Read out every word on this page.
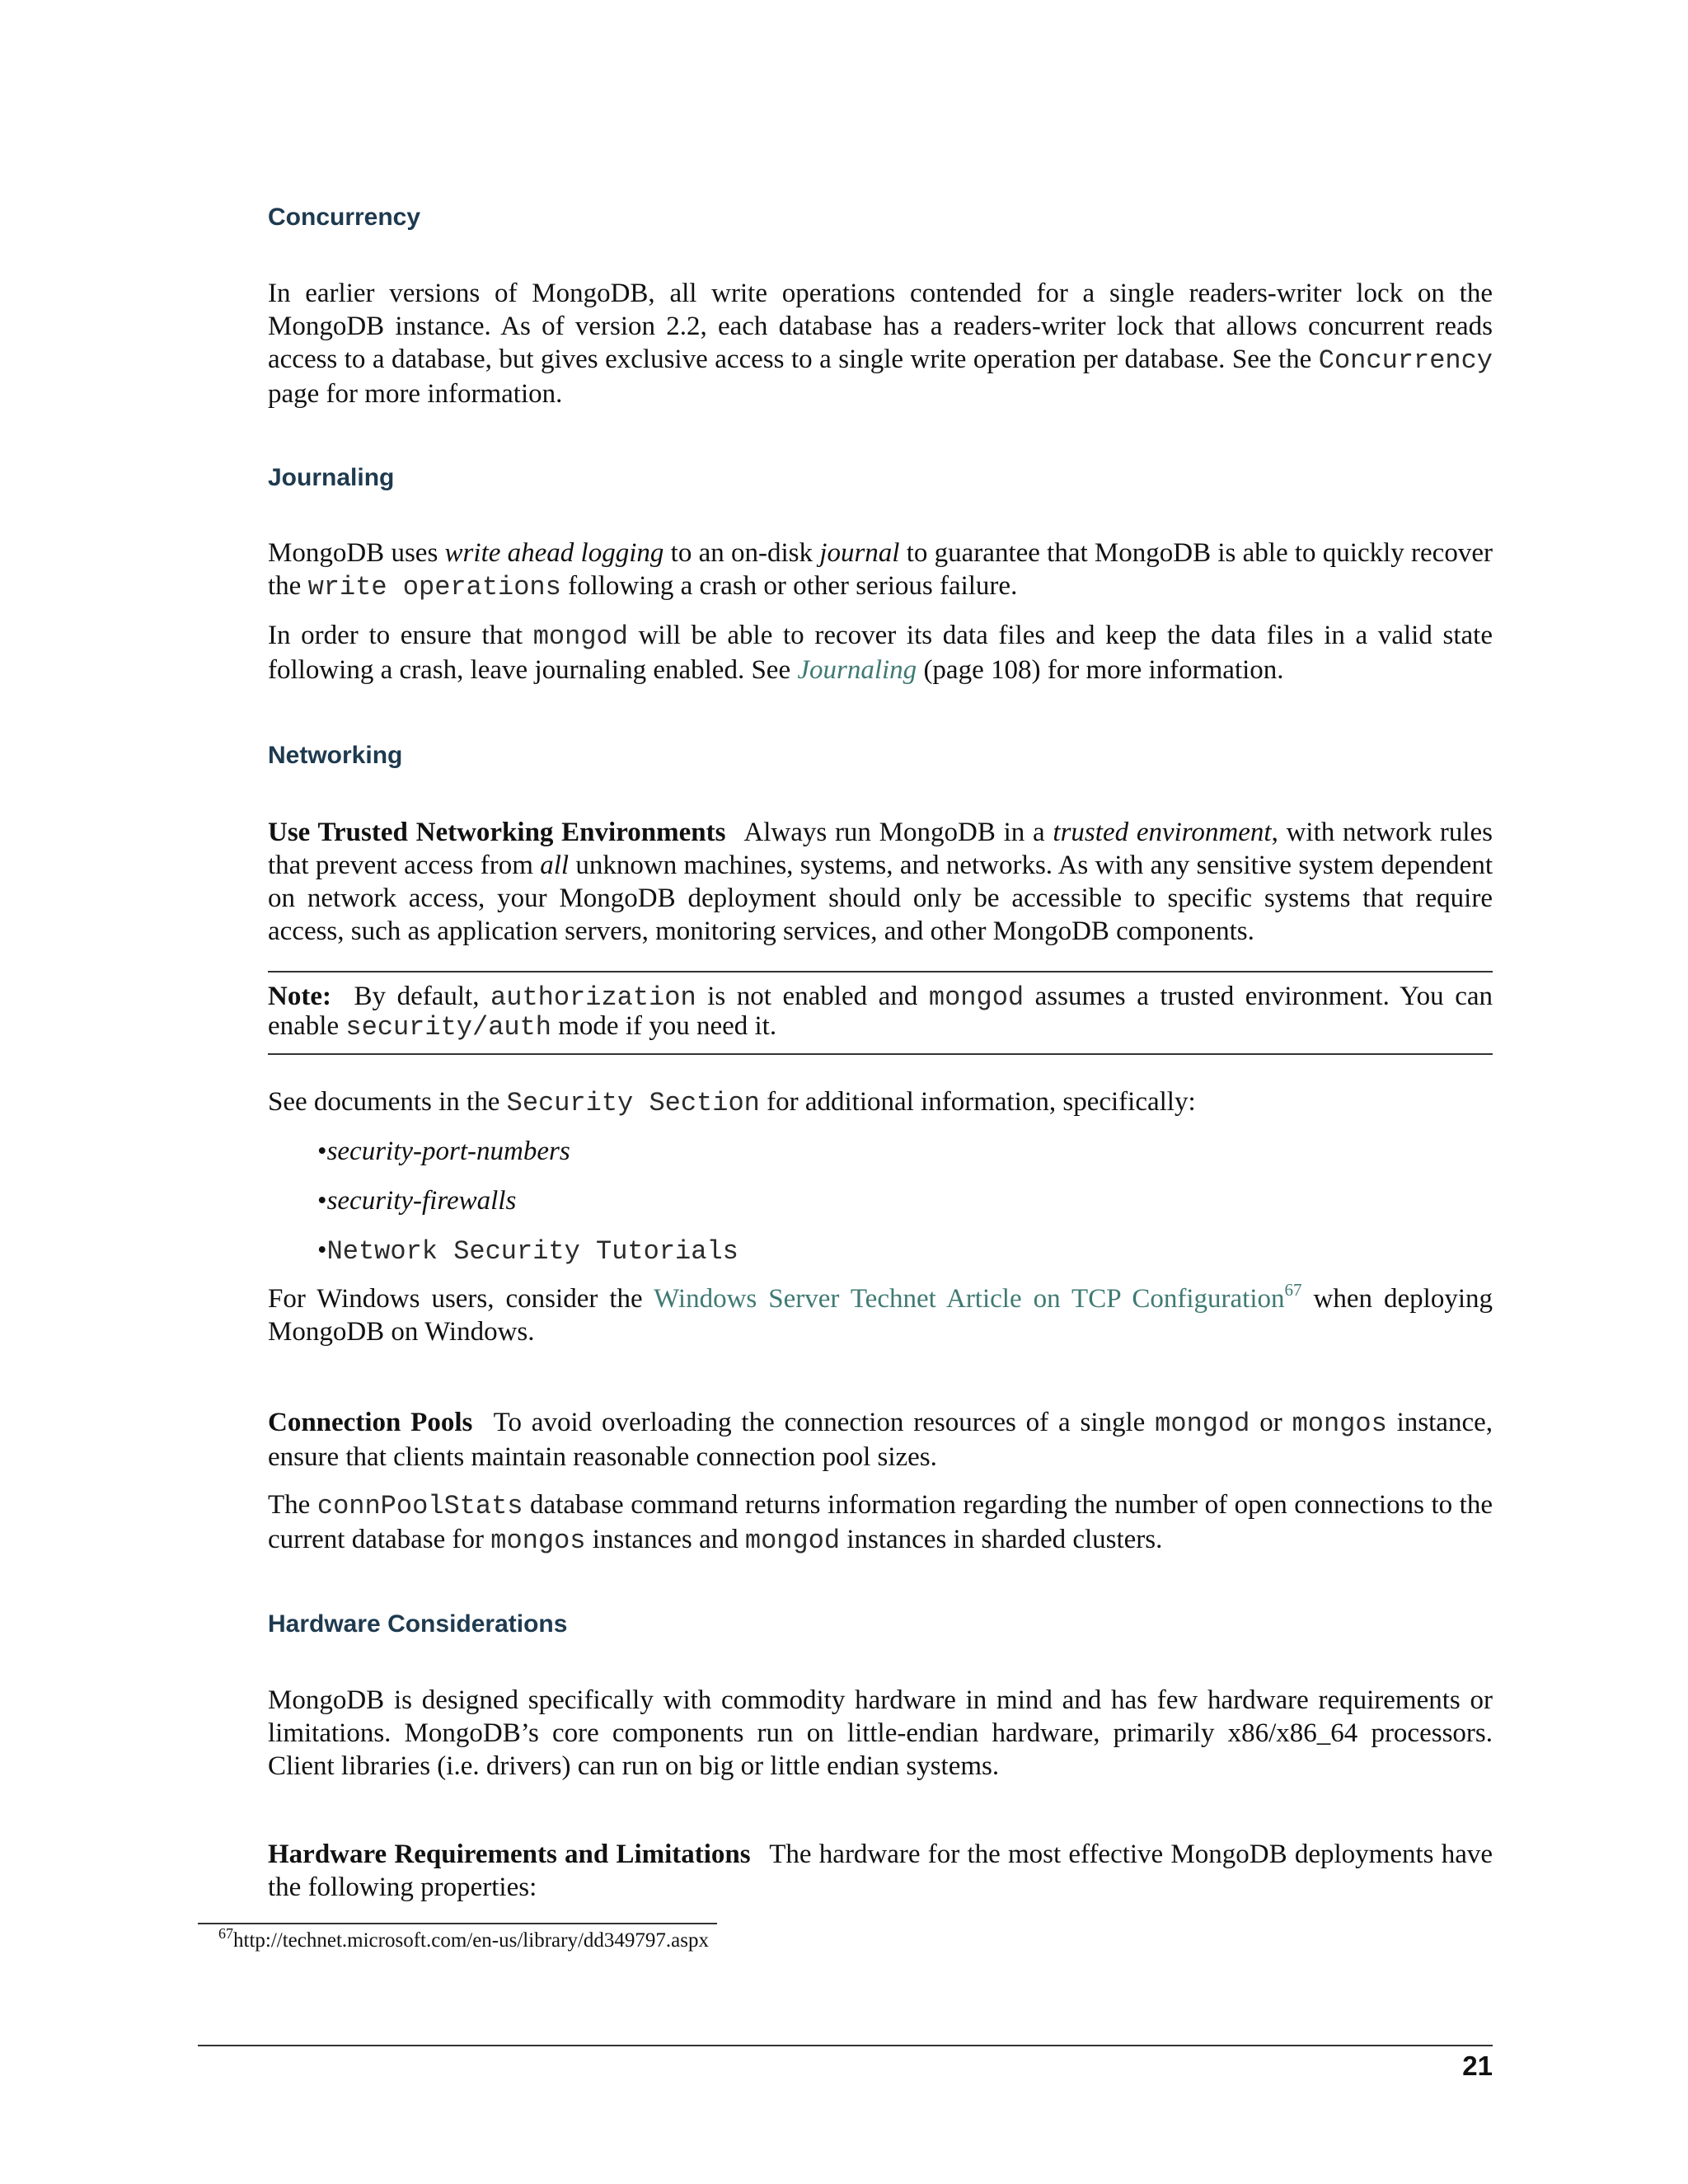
Concurrency

In earlier versions of MongoDB, all write operations contended for a single readers-writer lock on the MongoDB instance. As of version 2.2, each database has a readers-writer lock that allows concurrent reads access to a database, but gives exclusive access to a single write operation per database. See the Concurrency page for more information.

Journaling

MongoDB uses write ahead logging to an on-disk journal to guarantee that MongoDB is able to quickly recover the write operations following a crash or other serious failure.

In order to ensure that mongod will be able to recover its data files and keep the data files in a valid state following a crash, leave journaling enabled. See Journaling (page 108) for more information.

Networking

Use Trusted Networking Environments Always run MongoDB in a trusted environment, with network rules that prevent access from all unknown machines, systems, and networks. As with any sensitive system dependent on network access, your MongoDB deployment should only be accessible to specific systems that require access, such as application servers, monitoring services, and other MongoDB components.

Note: By default, authorization is not enabled and mongod assumes a trusted environment. You can enable security/auth mode if you need it.

See documents in the Security Section for additional information, specifically:

•security-port-numbers
•security-firewalls
•Network Security Tutorials

For Windows users, consider the Windows Server Technet Article on TCP Configuration$^{67}$ when deploying MongoDB on Windows.

Connection Pools To avoid overloading the connection resources of a single mongod or mongos instance, ensure that clients maintain reasonable connection pool sizes.

The connPoolStats database command returns information regarding the number of open connections to the current database for mongos instances and mongod instances in sharded clusters.

Hardware Considerations

MongoDB is designed specifically with commodity hardware in mind and has few hardware requirements or limitations. MongoDB’s core components run on little-endian hardware, primarily x86/x86_64 processors. Client libraries (i.e. drivers) can run on big or little endian systems.

Hardware Requirements and Limitations The hardware for the most effective MongoDB deployments have the following properties:

$^{67}$http://technet.microsoft.com/en-us/library/dd349797.aspx
21
